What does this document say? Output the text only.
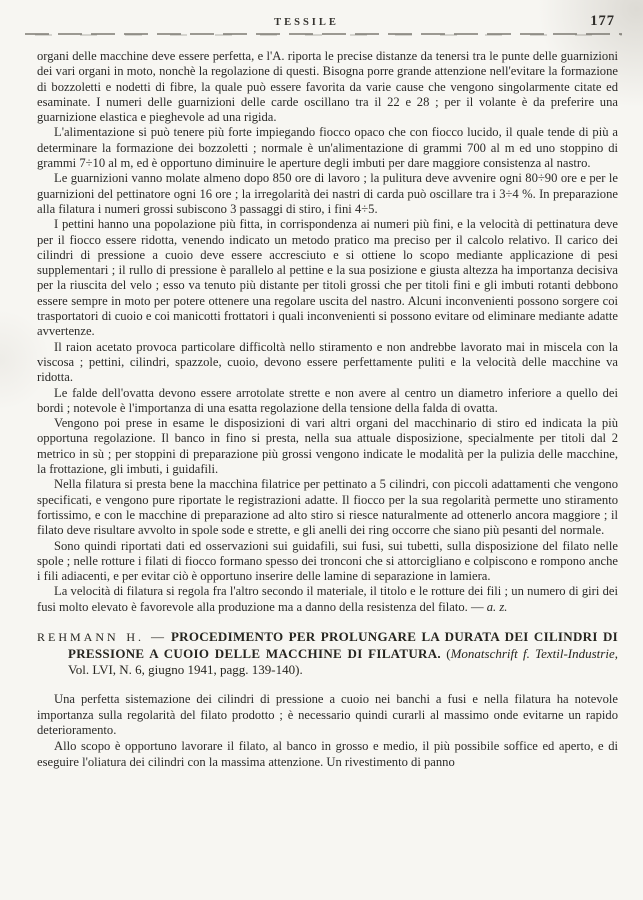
TESSILE	177

organi delle macchine deve essere perfetta, e l'A. riporta le precise distanze da tenersi tra le punte delle guarnizioni dei vari organi in moto, nonchè la regolazione di questi. Bisogna porre grande attenzione nell'evitare la formazione di bozzoletti e nodetti di fibre, la quale può essere favorita da varie cause che vengono singolarmente citate ed esaminate. I numeri delle guarnizioni delle carde oscillano tra il 22 e 28 ; per il volante è da preferire una guarnizione elastica e pieghevole ad una rigida.

L'alimentazione si può tenere più forte impiegando fiocco opaco che con fiocco lucido, il quale tende di più a determinare la formazione dei bozzoletti ; normale è un'alimentazione di grammi 700 al m ed uno stoppino di grammi 7÷10 al m, ed è opportuno diminuire le aperture degli imbuti per dare maggiore consistenza al nastro.

Le guarnizioni vanno molate almeno dopo 850 ore di lavoro ; la pulitura deve avvenire ogni 80÷90 ore e per le guarnizioni del pettinatore ogni 16 ore ; la irregolarità dei nastri di carda può oscillare tra i 3÷4 %. In preparazione alla filatura i numeri grossi subiscono 3 passaggi di stiro, i fini 4÷5.

I pettini hanno una popolazione più fitta, in corrispondenza ai numeri più fini, e la velocità di pettinatura deve per il fiocco essere ridotta, venendo indicato un metodo pratico ma preciso per il calcolo relativo. Il carico dei cilindri di pressione a cuoio deve essere accresciuto e si ottiene lo scopo mediante applicazione di pesi supplementari ; il rullo di pressione è parallelo al pettine e la sua posizione e giusta altezza ha importanza decisiva per la riuscita del velo ; esso va tenuto più distante per titoli grossi che per titoli fini e gli imbuti rotanti debbono essere sempre in moto per potere ottenere una regolare uscita del nastro. Alcuni inconvenienti possono sorgere coi trasportatori di cuoio e coi manicotti frottatori i quali inconvenienti si possono evitare od eliminare mediante adatte avvertenze.

Il raion acetato provoca particolare difficoltà nello stiramento e non andrebbe lavorato mai in miscela con la viscosa ; pettini, cilindri, spazzole, cuoio, devono essere perfettamente puliti e la velocità delle macchine va ridotta.

Le falde dell'ovatta devono essere arrotolate strette e non avere al centro un diametro inferiore a quello dei bordi ; notevole è l'importanza di una esatta regolazione della tensione della falda di ovatta.

Vengono poi prese in esame le disposizioni di vari altri organi del macchinario di stiro ed indicata la più opportuna regolazione. Il banco in fino si presta, nella sua attuale disposizione, specialmente per titoli dal 2 metrico in sù ; per stoppini di preparazione più grossi vengono indicate le modalità per la pulizia delle macchine, la frottazione, gli imbuti, i guidafili.

Nella filatura si presta bene la macchina filatrice per pettinato a 5 cilindri, con piccoli adattamenti che vengono specificati, e vengono pure riportate le registrazioni adatte. Il fiocco per la sua regolarità permette uno stiramento fortissimo, e con le macchine di preparazione ad alto stiro si riesce naturalmente ad ottenerlo ancora maggiore ; il filato deve risultare avvolto in spole sode e strette, e gli anelli dei ring occorre che siano più pesanti del normale.

Sono quindi riportati dati ed osservazioni sui guidafili, sui fusi, sui tubetti, sulla disposizione del filato nelle spole ; nelle rotture i filati di fiocco formano spesso dei tronconi che si attorcigliano e colpiscono e rompono anche i fili adiacenti, e per evitar ciò è opportuno inserire delle lamine di separazione in lamiera.

La velocità di filatura si regola fra l'altro secondo il materiale, il titolo e le rotture dei fili ; un numero di giri dei fusi molto elevato è favorevole alla produzione ma a danno della resistenza del filato. — a. z.

REHMANN H. — PROCEDIMENTO PER PROLUNGARE LA DURATA DEI CILINDRI DI PRESSIONE A CUOIO DELLE MACCHINE DI FILATURA. (Monatschrift f. Textil-Industrie, Vol. LVI, N. 6, giugno 1941, pagg. 139-140).

Una perfetta sistemazione dei cilindri di pressione a cuoio nei banchi a fusi e nella filatura ha notevole importanza sulla regolarità del filato prodotto ; è necessario quindi curarli al massimo onde evitarne un rapido deterioramento.

Allo scopo è opportuno lavorare il filato, al banco in grosso e medio, il più possibile soffice ed aperto, e di eseguire l'oliatura dei cilindri con la massima attenzione. Un rivestimento di panno
